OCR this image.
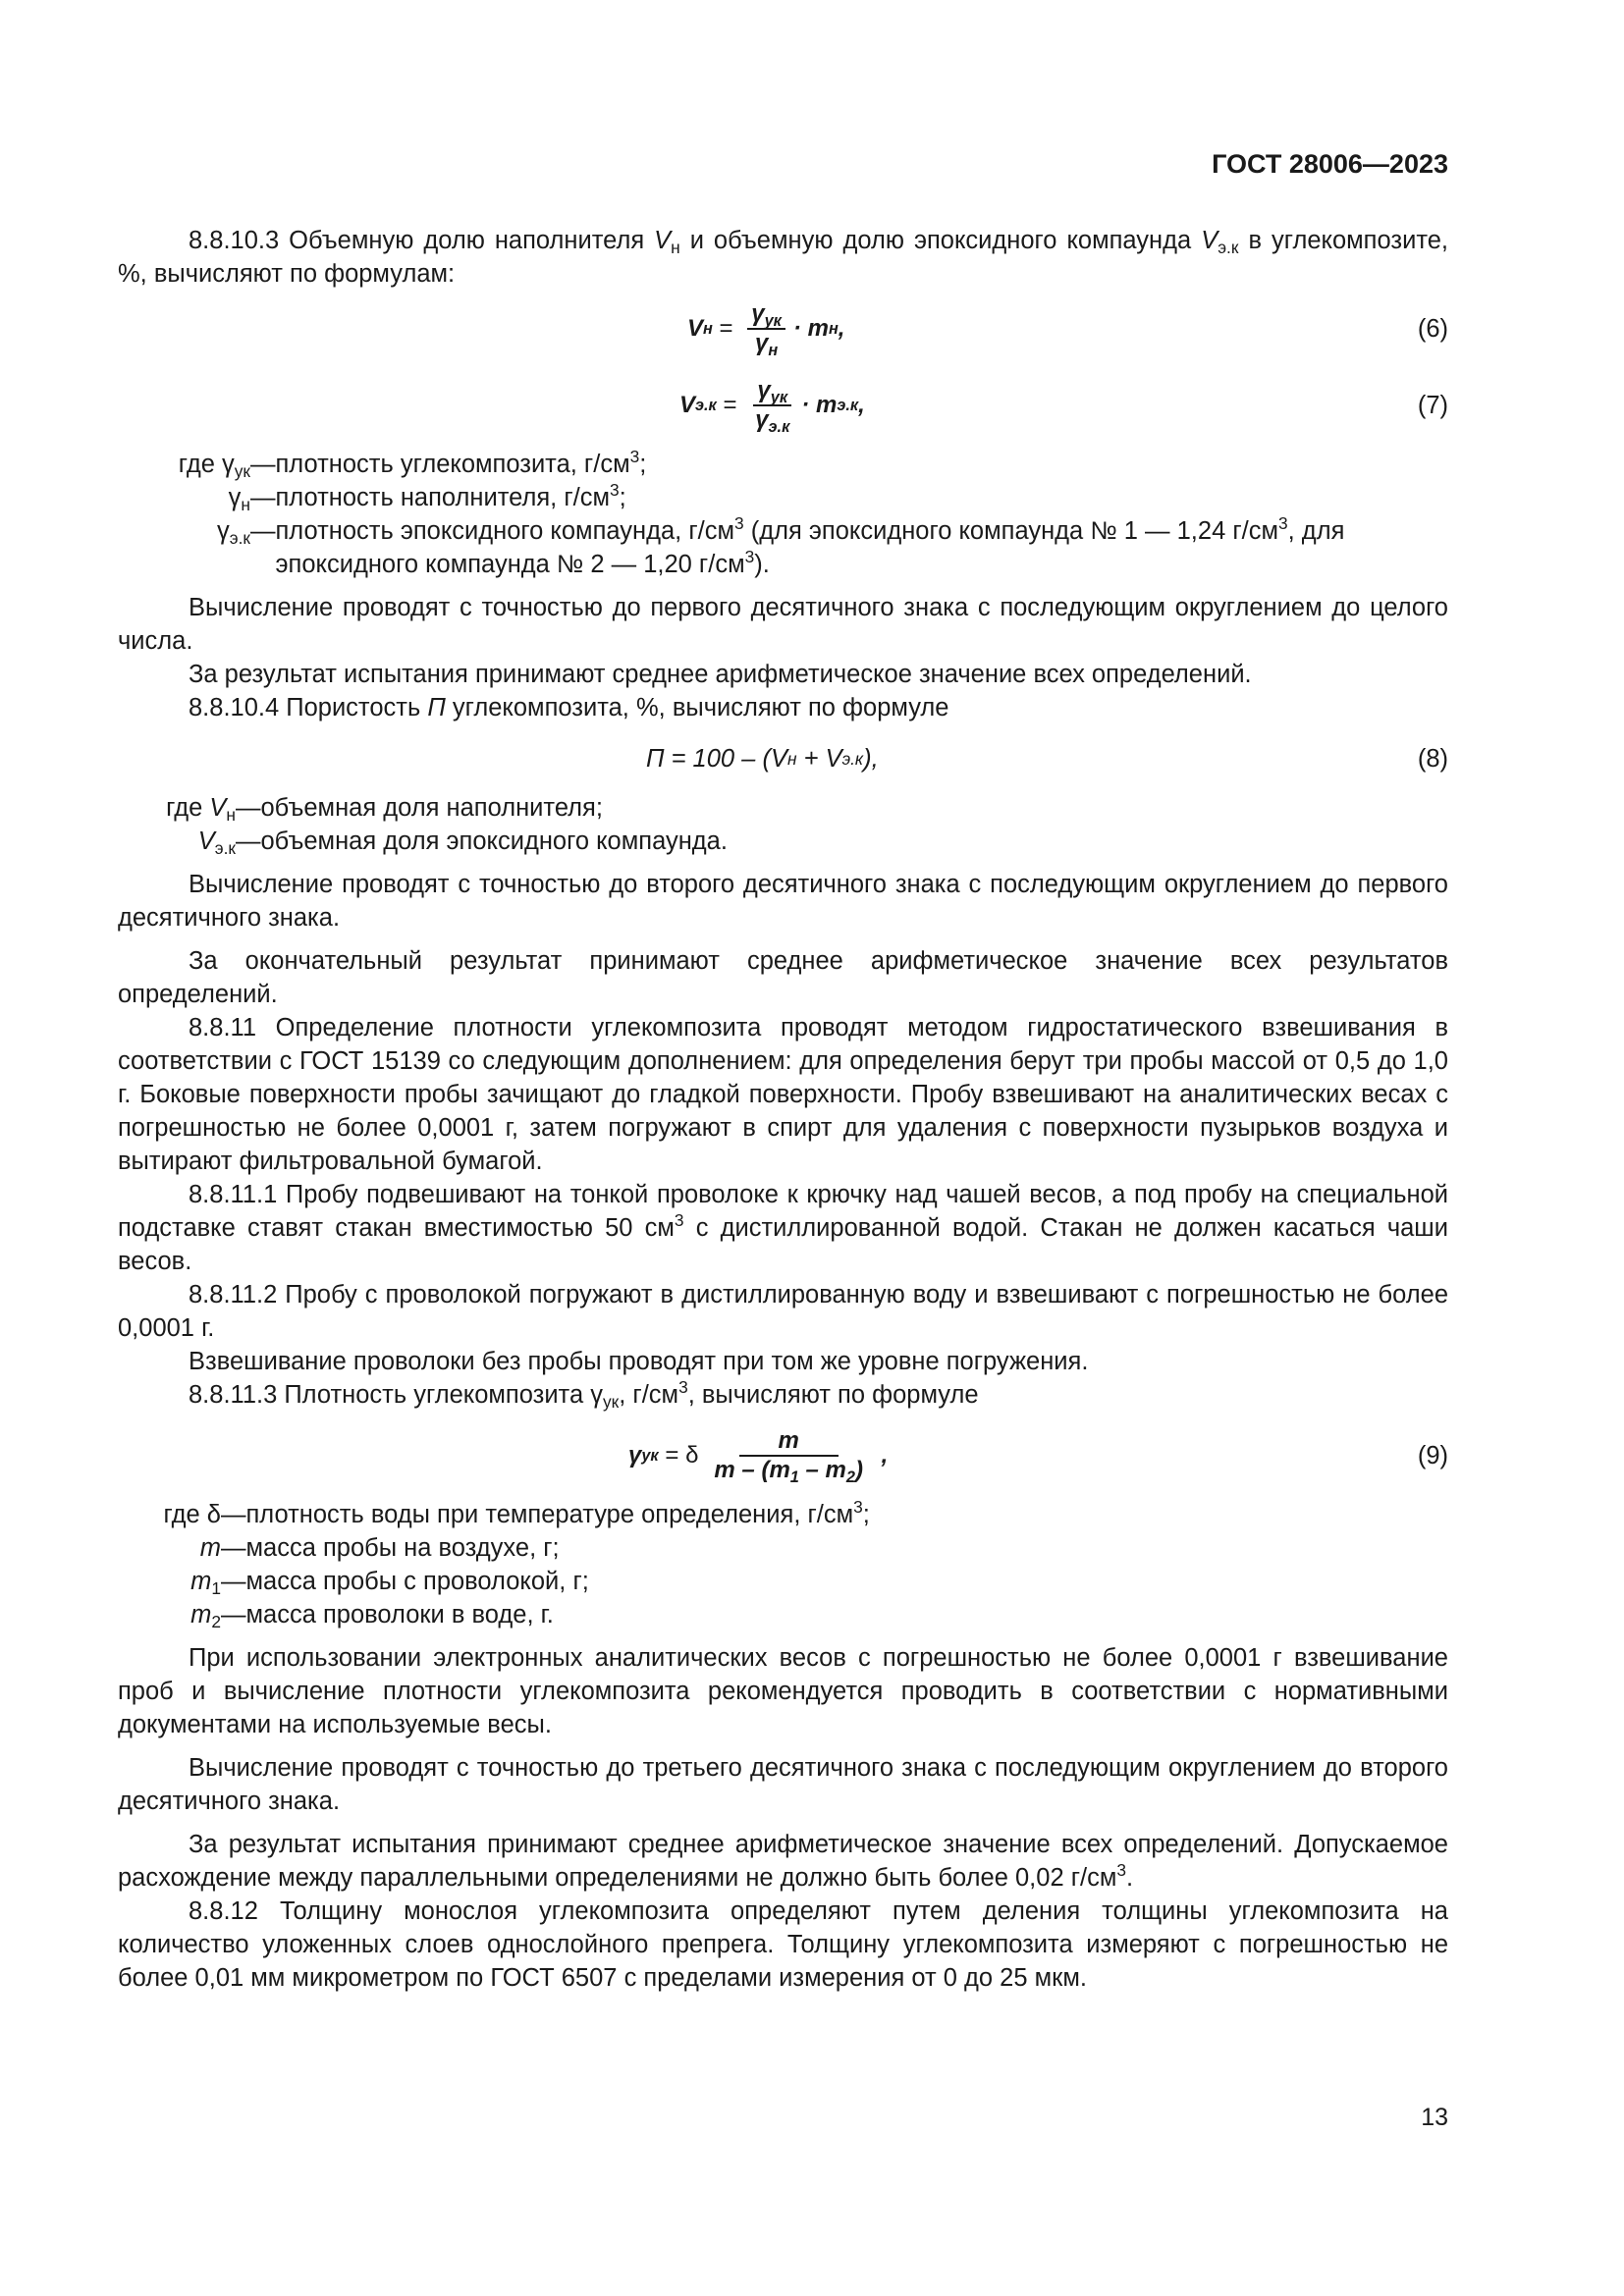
ГОСТ 28006—2023

8.8.10.3 Объемную долю наполнителя $V_н$ и объемную долю эпоксидного компаунда $V_{э.к}$ в углекомпозите, %, вычисляют по формулам:

V $н = \frac{\gamma_{ук}}{\gamma_н} \cdot m$ н ,	(6)
V $э.к = \frac{\gamma_{ук}}{\gamma_{э.к}} \cdot m$ э.к ,	(7)
где $\gamma_{ук}$ — плотность углекомпозита, $г/см^3$;
$\gamma_н$ — плотность наполнителя, $г/см^3$;
$\gamma_{э.к}$ — плотность эпоксидного компаунда, $г/см^3$ (для эпоксидного компаунда № 1 — 1,24 $г/см^3$, для эпоксидного компаунда № 2 — 1,20 $г/см^3$).

Вычисление проводят с точностью до первого десятичного знака с последующим округлением до целого числа.

За результат испытания принимают среднее арифметическое значение всех определений.

8.8.10.4 Пористость П углекомпозита, %, вычисляют по формуле

П = 100 – ( V н + V э.к ),	(8)
где $V_н$ — объемная доля наполнителя;
$V_{э.к}$ — объемная доля эпоксидного компаунда.

Вычисление проводят с точностью до второго десятичного знака с последующим округлением до первого десятичного знака.

За окончательный результат принимают среднее арифметическое значение всех результатов определений.

8.8.11 Определение плотности углекомпозита проводят методом гидростатического взвешивания в соответствии с ГОСТ 15139 со следующим дополнением: для определения берут три пробы массой от 0,5 до 1,0 г. Боковые поверхности пробы зачищают до гладкой поверхности. Пробу взвешивают на аналитических весах с погрешностью не более 0,0001 г, затем погружают в спирт для удаления с поверхности пузырьков воздуха и вытирают фильтровальной бумагой.

8.8.11.1 Пробу подвешивают на тонкой проволоке к крючку над чашей весов, а под пробу на специальной подставке ставят стакан вместимостью 50 $см^3$ с дистиллированной водой. Стакан не должен касаться чаши весов.

8.8.11.2 Пробу с проволокой погружают в дистиллированную воду и взвешивают с погрешностью не более 0,0001 г.

Взвешивание проволоки без пробы проводят при том же уровне погружения.

8.8.11.3 Плотность углекомпозита $\gamma_{ук}$, $г/см^3$, вычисляют по формуле

γ ук = δ $\frac{m}{m - (m_1 - m_2)}$ ,	(9)
где δ — плотность воды при температуре определения, $г/см^3$;
m — масса пробы на воздухе, г;
$m_1$ — масса пробы с проволокой, г;
$m_2$ — масса проволоки в воде, г.

При использовании электронных аналитических весов с погрешностью не более 0,0001 г взвешивание проб и вычисление плотности углекомпозита рекомендуется проводить в соответствии с нормативными документами на используемые весы.

Вычисление проводят с точностью до третьего десятичного знака с последующим округлением до второго десятичного знака.

За результат испытания принимают среднее арифметическое значение всех определений. Допускаемое расхождение между параллельными определениями не должно быть более 0,02 $г/см^3$.

8.8.12 Толщину монослоя углекомпозита определяют путем деления толщины углекомпозита на количество уложенных слоев однослойного препрега. Толщину углекомпозита измеряют с погрешностью не более 0,01 мм микрометром по ГОСТ 6507 с пределами измерения от 0 до 25 мкм.

13
